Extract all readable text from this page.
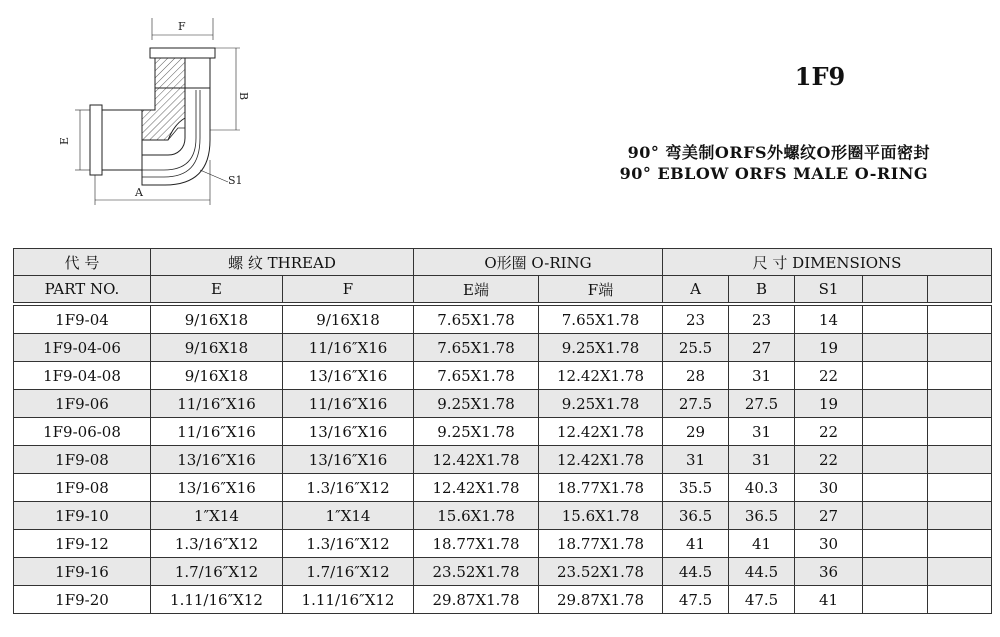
F
B
E
A
S1
1F9
90° 弯美制ORFS外螺纹O形圈平面密封
90° EBLOW ORFS MALE O-RING
代 号	螺 纹 THREAD		O形圈 O-RING		尺 寸 DIMENSIONS				
PART NO.	E	F	E端	F端	A	B	S1		

1F9-04	9/16X18	9/16X18	7.65X1.78	7.65X1.78	23	23	14		
1F9-04-06	9/16X18	11/16″X16	7.65X1.78	9.25X1.78	25.5	27	19		
1F9-04-08	9/16X18	13/16″X16	7.65X1.78	12.42X1.78	28	31	22		
1F9-06	11/16″X16	11/16″X16	9.25X1.78	9.25X1.78	27.5	27.5	19		
1F9-06-08	11/16″X16	13/16″X16	9.25X1.78	12.42X1.78	29	31	22		
1F9-08	13/16″X16	13/16″X16	12.42X1.78	12.42X1.78	31	31	22		
1F9-08	13/16″X16	1.3/16″X12	12.42X1.78	18.77X1.78	35.5	40.3	30		
1F9-10	1″X14	1″X14	15.6X1.78	15.6X1.78	36.5	36.5	27		
1F9-12	1.3/16″X12	1.3/16″X12	18.77X1.78	18.77X1.78	41	41	30		
1F9-16	1.7/16″X12	1.7/16″X12	23.52X1.78	23.52X1.78	44.5	44.5	36		
1F9-20	1.11/16″X12	1.11/16″X12	29.87X1.78	29.87X1.78	47.5	47.5	41		
